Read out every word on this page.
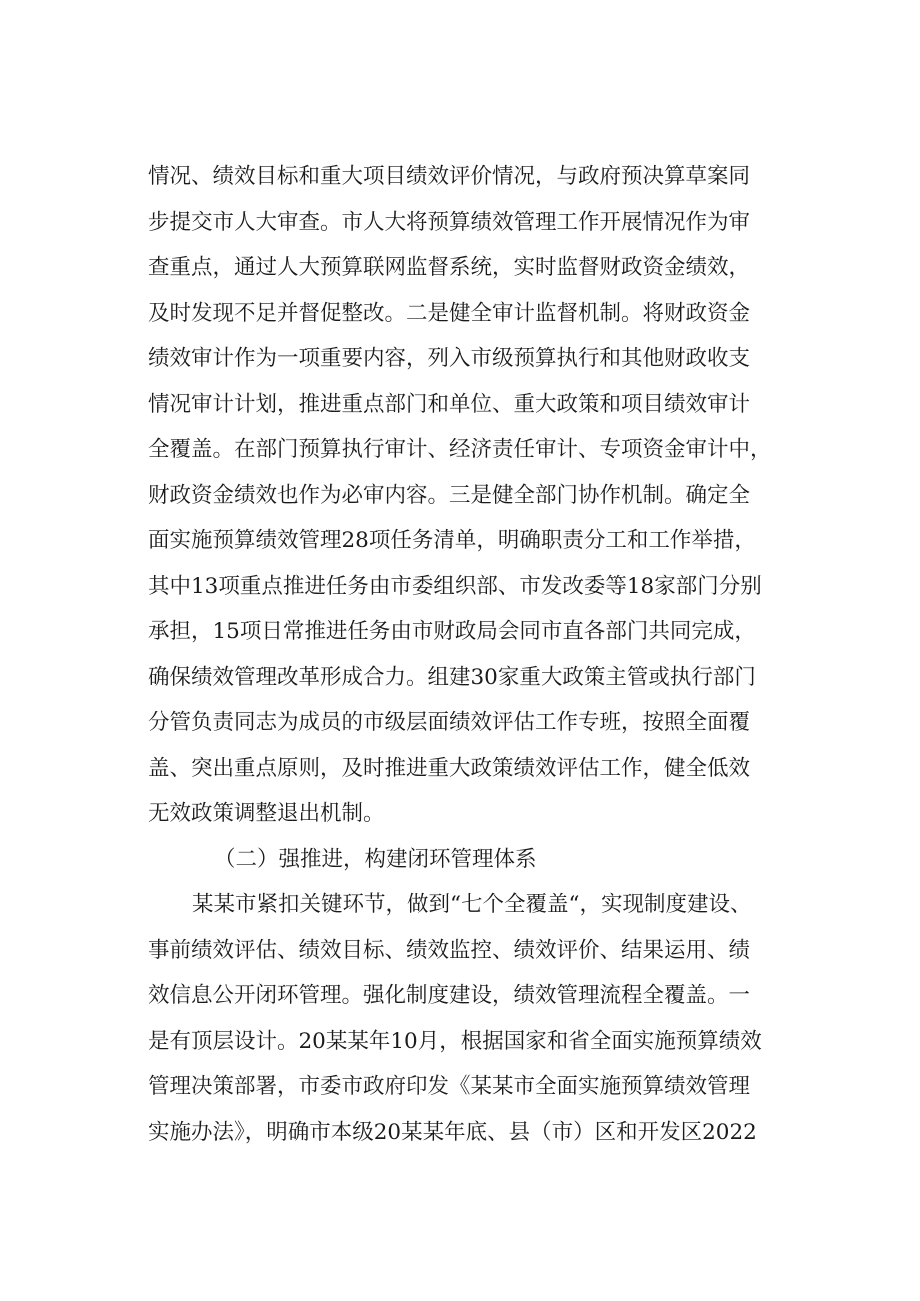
情况、绩效目标和重大项目绩效评价情况，与政府预决算草案同
步提交市人大审查。市人大将预算绩效管理工作开展情况作为审
查重点，通过人大预算联网监督系统，实时监督财政资金绩效，
及时发现不足并督促整改。二是健全审计监督机制。将财政资金
绩效审计作为一项重要内容，列入市级预算执行和其他财政收支
情况审计计划，推进重点部门和单位、重大政策和项目绩效审计
全覆盖。在部门预算执行审计、经济责任审计、专项资金审计中，
财政资金绩效也作为必审内容。三是健全部门协作机制。确定全
面实施预算绩效管理28项任务清单，明确职责分工和工作举措，
其中13项重点推进任务由市委组织部、市发改委等18家部门分别
承担，15项日常推进任务由市财政局会同市直各部门共同完成，
确保绩效管理改革形成合力。组建30家重大政策主管或执行部门
分管负责同志为成员的市级层面绩效评估工作专班，按照全面覆
盖、突出重点原则，及时推进重大政策绩效评估工作，健全低效
无效政策调整退出机制。
（二）强推进，构建闭环管理体系
某某市紧扣关键环节，做到“七个全覆盖“，实现制度建设、
事前绩效评估、绩效目标、绩效监控、绩效评价、结果运用、绩
效信息公开闭环管理。强化制度建设，绩效管理流程全覆盖。一
是有顶层设计。20某某年10月，根据国家和省全面实施预算绩效
管理决策部署，市委市政府印发《某某市全面实施预算绩效管理
实施办法》，明确市本级20某某年底、县（市）区和开发区2022
